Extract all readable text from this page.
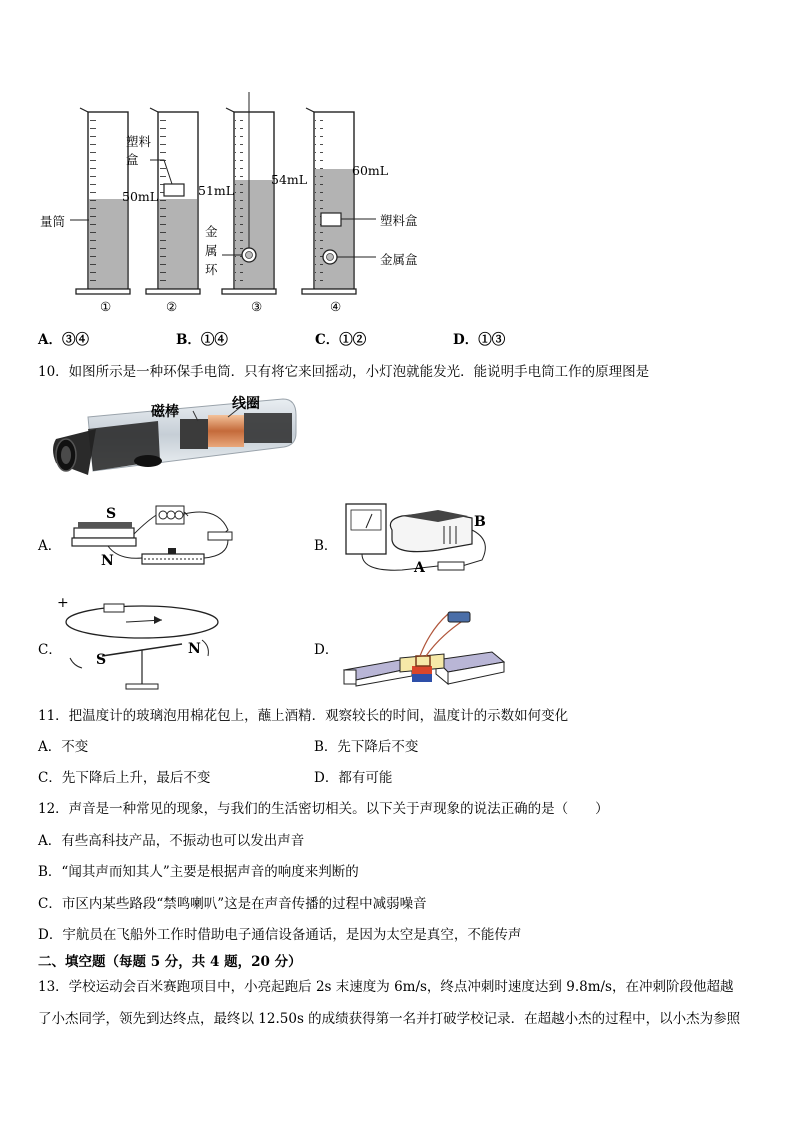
量筒
①
塑料
盒
50mL	51mL
②
54mL
金
属
环
③
60mL
塑料盒
金属盒
④
A．③④	B．①④	C．①②	D．①③
10．如图所示是一种环保手电筒．只有将它来回摇动，小灯泡就能发光．能说明手电筒工作的原理图是
磁棒	线圈
A．
S
N
B．
B
A
C．
+
S
N	D．
11．把温度计的玻璃泡用棉花包上，蘸上酒精．观察较长的时间，温度计的示数如何变化
A．不变	B．先下降后不变
C．先下降后上升，最后不变	D．都有可能
12．声音是一种常见的现象，与我们的生活密切相关。以下关于声现象的说法正确的是（　　）
A．有些高科技产品，不振动也可以发出声音
B．“闻其声而知其人”主要是根据声音的响度来判断的
C．市区内某些路段“禁鸣喇叭”这是在声音传播的过程中减弱噪音
D．宇航员在飞船外工作时借助电子通信设备通话，是因为太空是真空，不能传声
二、填空题（每题 5 分，共 4 题，20 分）
13．学校运动会百米赛跑项目中，小亮起跑后 2s 末速度为 6m/s，终点冲刺时速度达到 9.8m/s，在冲刺阶段他超越
了小杰同学，领先到达终点，最终以 12.50s 的成绩获得第一名并打破学校记录．在超越小杰的过程中，以小杰为参照
